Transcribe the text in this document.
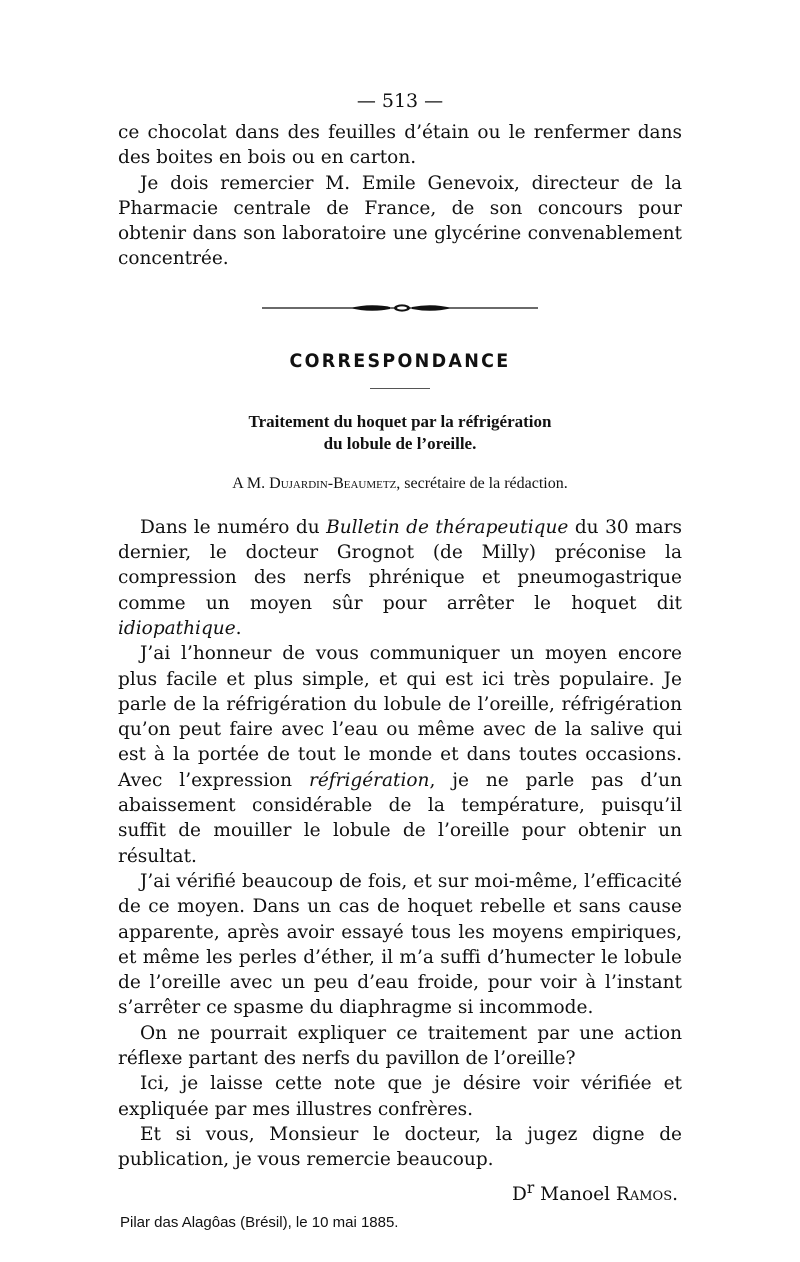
— 513 —

ce chocolat dans des feuilles d’étain ou le renfermer dans des boites en bois ou en carton.

Je dois remercier M. Emile Genevoix, directeur de la Pharmacie centrale de France, de son concours pour obtenir dans son laboratoire une glycérine convenablement concentrée.

CORRESPONDANCE

Traitement du hoquet par la réfrigération
du lobule de l’oreille.

A M. Dujardin-Beaumetz, secrétaire de la rédaction.

Dans le numéro du Bulletin de thérapeutique du 30 mars dernier, le docteur Grognot (de Milly) préconise la compression des nerfs phrénique et pneumogastrique comme un moyen sûr pour arrêter le hoquet dit idiopathique.

J’ai l’honneur de vous communiquer un moyen encore plus facile et plus simple, et qui est ici très populaire. Je parle de la réfrigération du lobule de l’oreille, réfrigération qu’on peut faire avec l’eau ou même avec de la salive qui est à la portée de tout le monde et dans toutes occasions. Avec l’expression réfrigération, je ne parle pas d’un abaissement considérable de la température, puisqu’il suffit de mouiller le lobule de l’oreille pour obtenir un résultat.

J’ai vérifié beaucoup de fois, et sur moi-même, l’efficacité de ce moyen. Dans un cas de hoquet rebelle et sans cause apparente, après avoir essayé tous les moyens empiriques, et même les perles d’éther, il m’a suffi d’humecter le lobule de l’oreille avec un peu d’eau froide, pour voir à l’instant s’arrêter ce spasme du diaphragme si incommode.

On ne pourrait expliquer ce traitement par une action réflexe partant des nerfs du pavillon de l’oreille?

Ici, je laisse cette note que je désire voir vérifiée et expliquée par mes illustres confrères.

Et si vous, Monsieur le docteur, la jugez digne de publication, je vous remercie beaucoup.

$D^r$ Manoel Ramos.
Pilar das Alagôas (Brésil), le 10 mai 1885.
